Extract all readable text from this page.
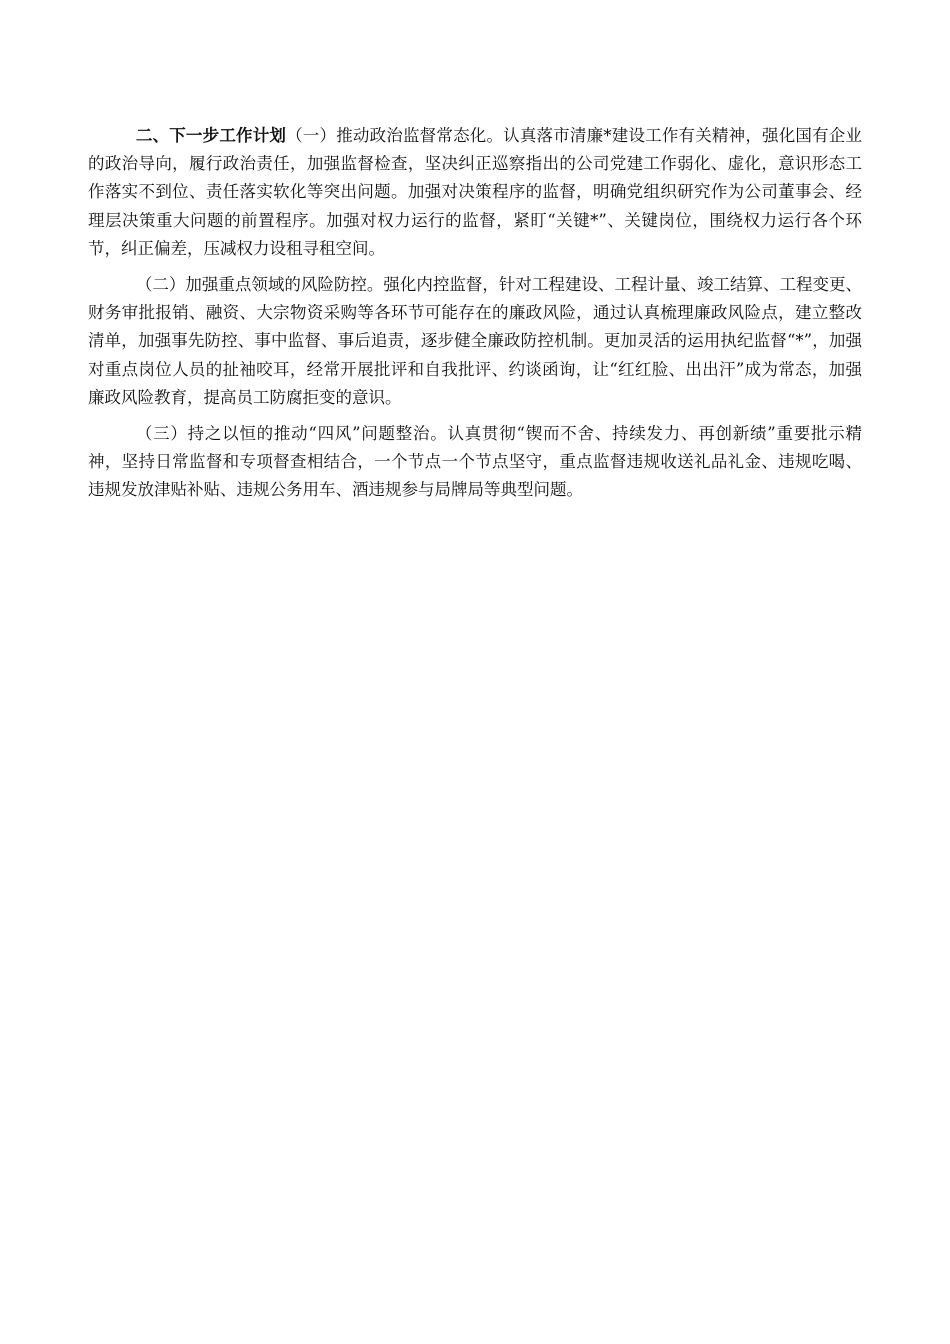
二、下一步工作计划（一）推动政治监督常态化。认真落市清廉*建设工作有关精神，强化国有企业的政治导向，履行政治责任，加强监督检查，坚决纠正巡察指出的公司党建工作弱化、虚化，意识形态工作落实不到位、责任落实软化等突出问题。加强对决策程序的监督，明确党组织研究作为公司董事会、经理层决策重大问题的前置程序。加强对权力运行的监督，紧盯“关键*”、关键岗位，围绕权力运行各个环节，纠正偏差，压减权力设租寻租空间。

（二）加强重点领域的风险防控。强化内控监督，针对工程建设、工程计量、竣工结算、工程变更、财务审批报销、融资、大宗物资采购等各环节可能存在的廉政风险，通过认真梳理廉政风险点，建立整改清单，加强事先防控、事中监督、事后追责，逐步健全廉政防控机制。更加灵活的运用执纪监督“*”，加强对重点岗位人员的扯袖咬耳，经常开展批评和自我批评、约谈函询，让“红红脸、出出汗”成为常态，加强廉政风险教育，提高员工防腐拒变的意识。

（三）持之以恒的推动“四风”问题整治。认真贯彻“锲而不舍、持续发力、再创新绩”重要批示精神，坚持日常监督和专项督查相结合，一个节点一个节点坚守，重点监督违规收送礼品礼金、违规吃喝、违规发放津贴补贴、违规公务用车、酒违规参与局牌局等典型问题。
